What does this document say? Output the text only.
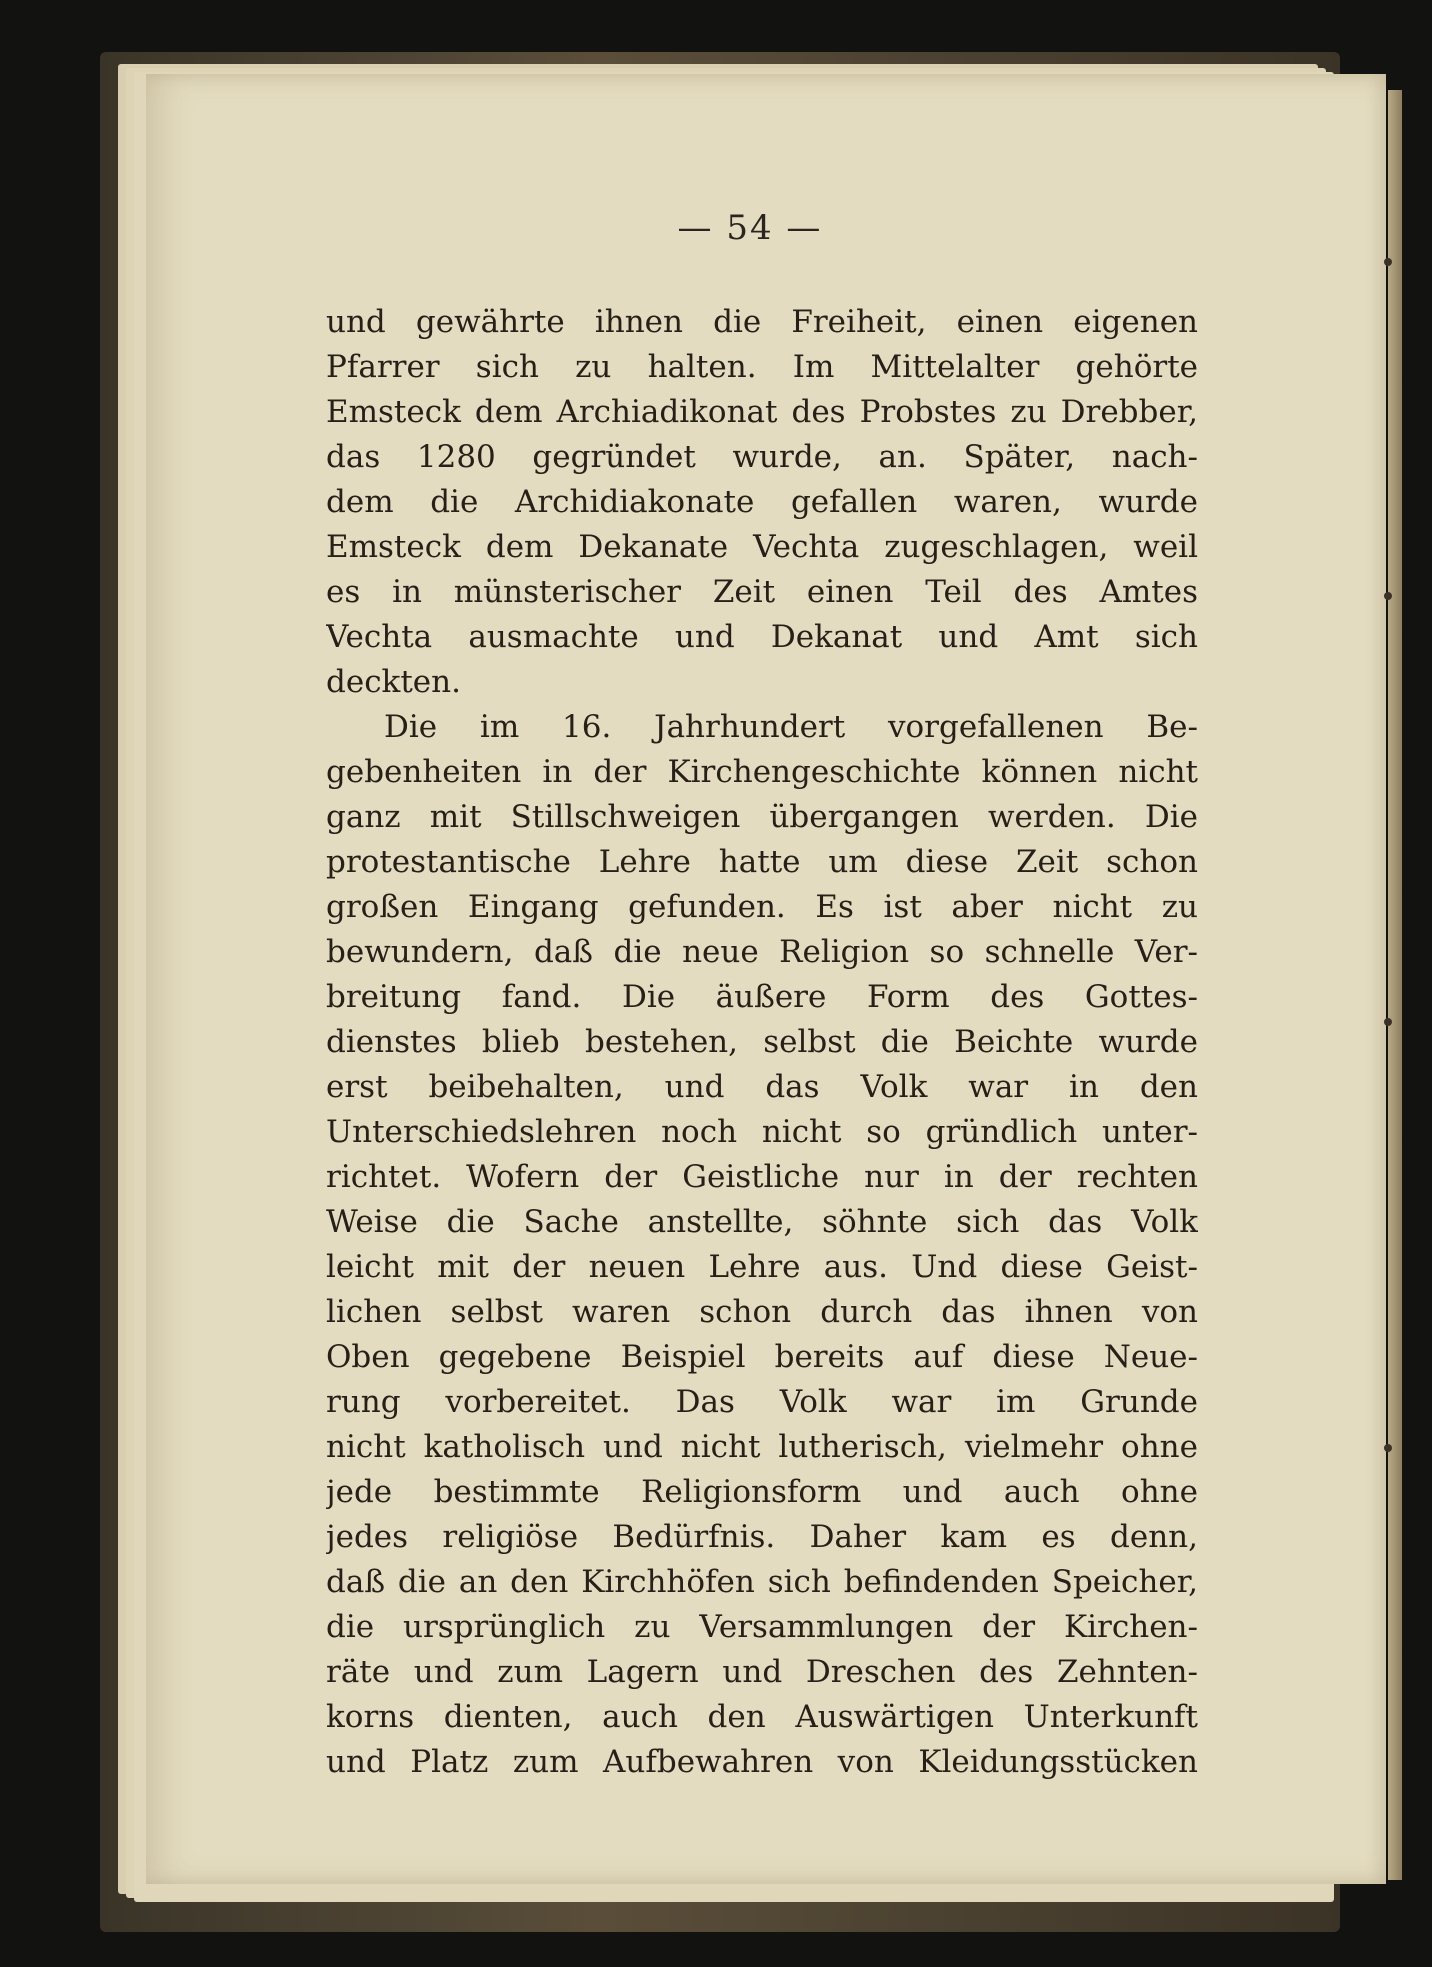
— 54 —
und gewährte ihnen die Freiheit, einen eigenen
Pfarrer sich zu halten. Im Mittelalter gehörte
Emsteck dem Archiadikonat des Probstes zu Drebber,
das 1280 gegründet wurde, an. Später, nach-
dem die Archidiakonate gefallen waren, wurde
Emsteck dem Dekanate Vechta zugeschlagen, weil
es in münsterischer Zeit einen Teil des Amtes
Vechta ausmachte und Dekanat und Amt sich
deckten.
Die im 16. Jahrhundert vorgefallenen Be-
gebenheiten in der Kirchengeschichte können nicht
ganz mit Stillschweigen übergangen werden. Die
protestantische Lehre hatte um diese Zeit schon
großen Eingang gefunden. Es ist aber nicht zu
bewundern, daß die neue Religion so schnelle Ver-
breitung fand. Die äußere Form des Gottes-
dienstes blieb bestehen, selbst die Beichte wurde
erst beibehalten, und das Volk war in den
Unterschiedslehren noch nicht so gründlich unter-
richtet. Wofern der Geistliche nur in der rechten
Weise die Sache anstellte, söhnte sich das Volk
leicht mit der neuen Lehre aus. Und diese Geist-
lichen selbst waren schon durch das ihnen von
Oben gegebene Beispiel bereits auf diese Neue-
rung vorbereitet. Das Volk war im Grunde
nicht katholisch und nicht lutherisch, vielmehr ohne
jede bestimmte Religionsform und auch ohne
jedes religiöse Bedürfnis. Daher kam es denn,
daß die an den Kirchhöfen sich befindenden Speicher,
die ursprünglich zu Versammlungen der Kirchen-
räte und zum Lagern und Dreschen des Zehnten-
korns dienten, auch den Auswärtigen Unterkunft
und Platz zum Aufbewahren von Kleidungsstücken
